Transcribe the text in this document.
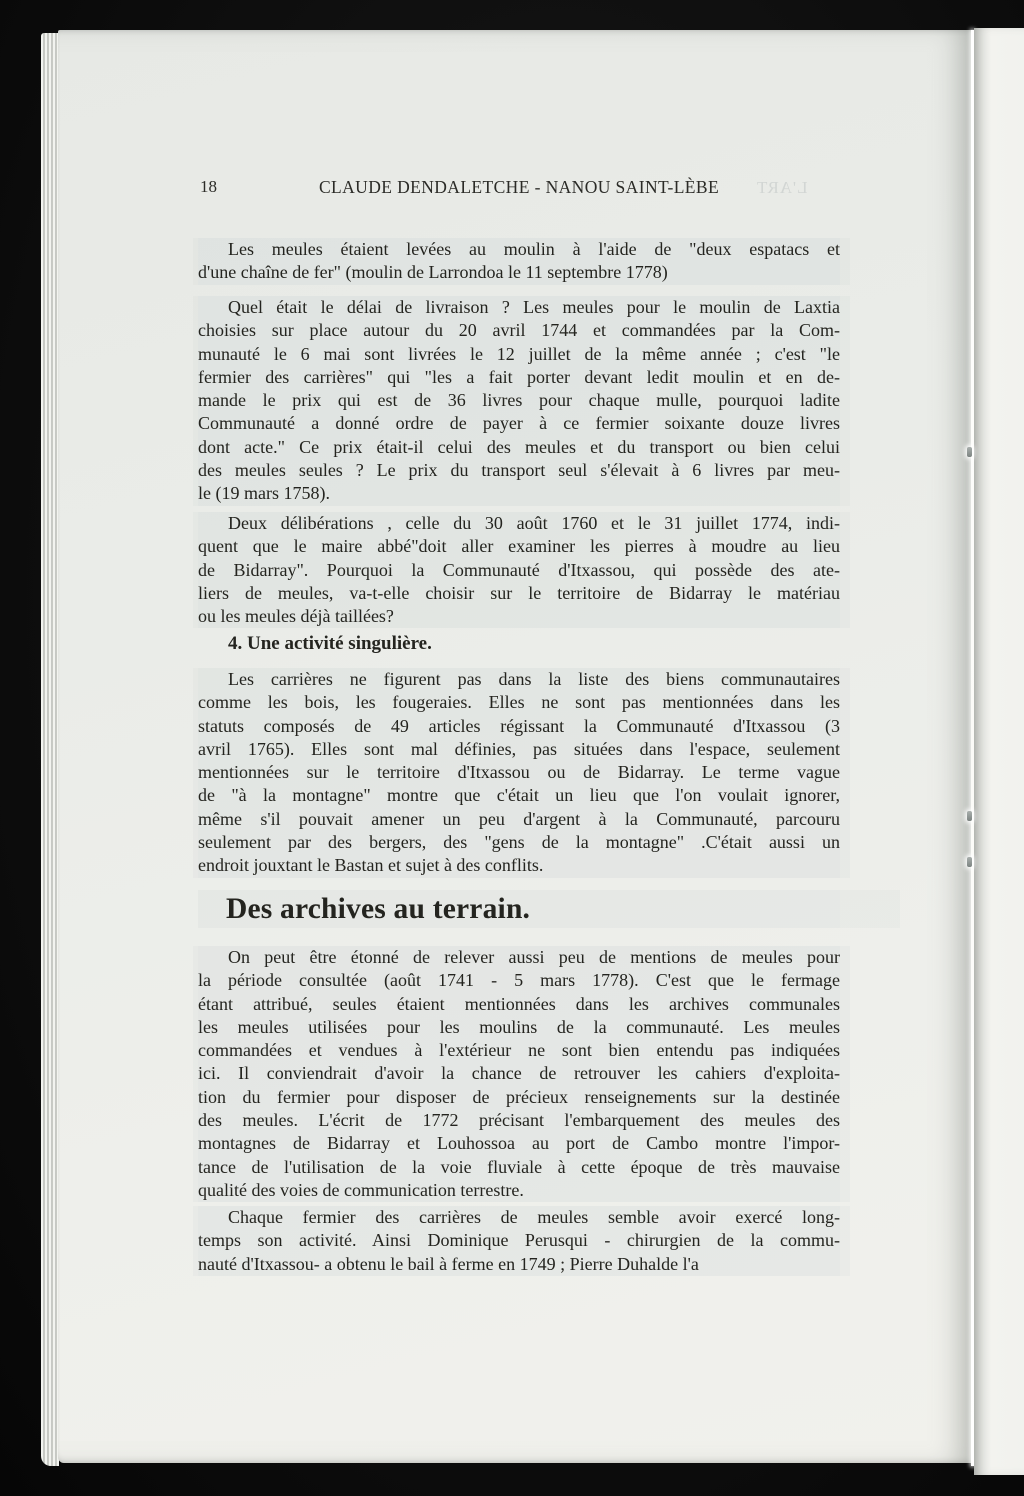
18	CLAUDE DENDALETCHE - NANOU SAINT-LÈBE	L'ART
Les meules étaient levées au moulin à l'aide de "deux espatacs et
d'une chaîne de fer" (moulin de Larrondoa le 11 septembre 1778)
Quel était le délai de livraison ? Les meules pour le moulin de Laxtia
choisies sur place autour du 20 avril 1744 et commandées par la Com-
munauté le 6 mai sont livrées le 12 juillet de la même année ; c'est "le
fermier des carrières" qui "les a fait porter devant ledit moulin et en de-
mande le prix qui est de 36 livres pour chaque mulle, pourquoi ladite
Communauté a donné ordre de payer à ce fermier soixante douze livres
dont acte." Ce prix était-il celui des meules et du transport ou bien celui
des meules seules ? Le prix du transport seul s'élevait à 6 livres par meu-
le (19 mars 1758).
Deux délibérations , celle du 30 août 1760 et le 31 juillet 1774, indi-
quent que le maire abbé"doit aller examiner les pierres à moudre au lieu
de Bidarray". Pourquoi la Communauté d'Itxassou, qui possède des ate-
liers de meules, va-t-elle choisir sur le territoire de Bidarray le matériau
ou les meules déjà taillées?
4. Une activité singulière.
Les carrières ne figurent pas dans la liste des biens communautaires
comme les bois, les fougeraies. Elles ne sont pas mentionnées dans les
statuts composés de 49 articles régissant la Communauté d'Itxassou (3
avril 1765). Elles sont mal définies, pas situées dans l'espace, seulement
mentionnées sur le territoire d'Itxassou ou de Bidarray. Le terme vague
de "à la montagne" montre que c'était un lieu que l'on voulait ignorer,
même s'il pouvait amener un peu d'argent à la Communauté, parcouru
seulement par des bergers, des "gens de la montagne" .C'était aussi un
endroit jouxtant le Bastan et sujet à des conflits.
Des archives au terrain.
On peut être étonné de relever aussi peu de mentions de meules pour
la période consultée (août 1741 - 5 mars 1778). C'est que le fermage
étant attribué, seules étaient mentionnées dans les archives communales
les meules utilisées pour les moulins de la communauté. Les meules
commandées et vendues à l'extérieur ne sont bien entendu pas indiquées
ici. Il conviendrait d'avoir la chance de retrouver les cahiers d'exploita-
tion du fermier pour disposer de précieux renseignements sur la destinée
des meules. L'écrit de 1772 précisant l'embarquement des meules des
montagnes de Bidarray et Louhossoa au port de Cambo montre l'impor-
tance de l'utilisation de la voie fluviale à cette époque de très mauvaise
qualité des voies de communication terrestre.
Chaque fermier des carrières de meules semble avoir exercé long-
temps son activité. Ainsi Dominique Perusqui - chirurgien de la commu-
nauté d'Itxassou- a obtenu le bail à ferme en 1749 ; Pierre Duhalde l'a
